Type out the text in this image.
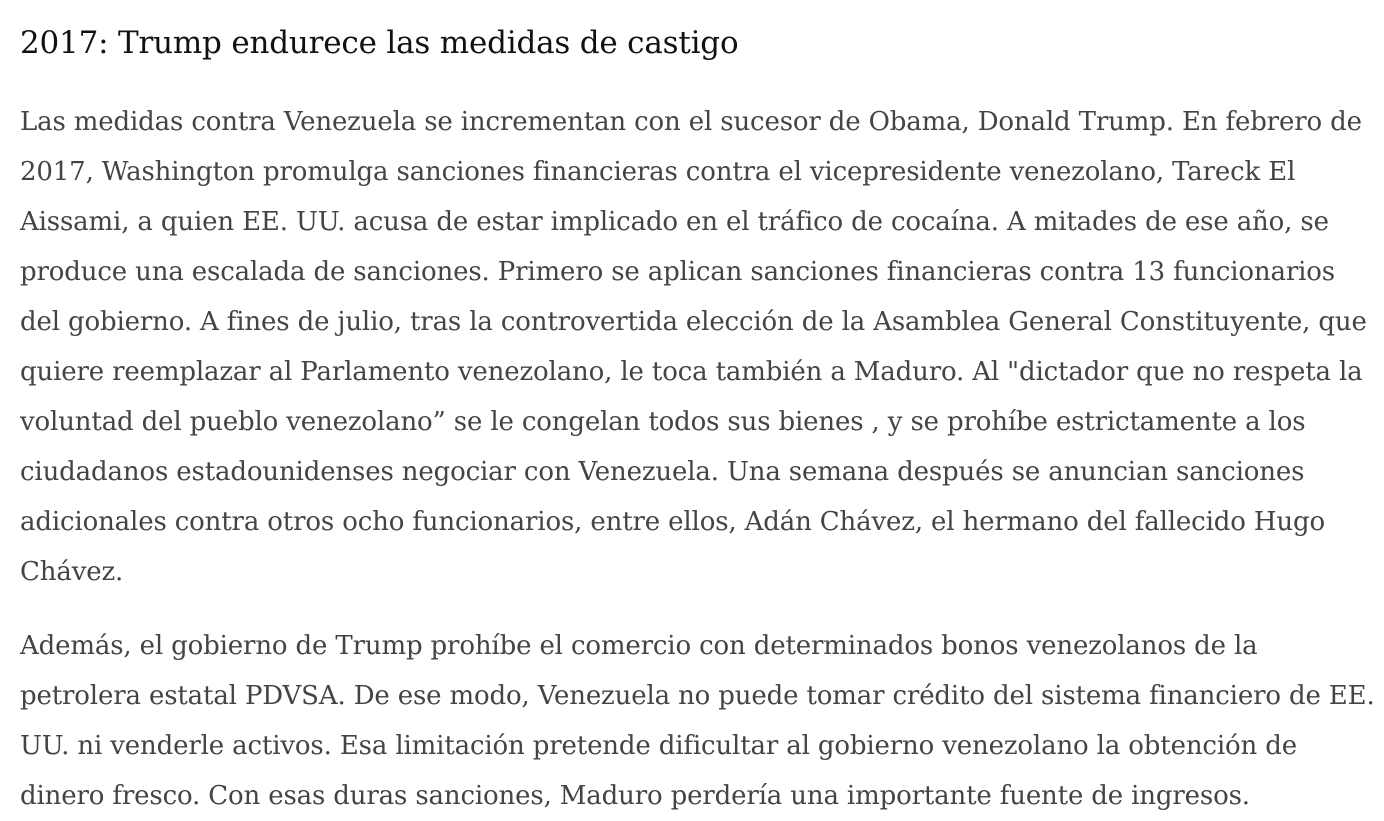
2017: Trump endurece las medidas de castigo

Las medidas contra Venezuela se incrementan con el sucesor de Obama, Donald Trump. En febrero de 2017, Washington promulga sanciones financieras contra el vicepresidente venezolano, Tareck El Aissami, a quien EE. UU. acusa de estar implicado en el tráfico de cocaína. A mitades de ese año, se produce una escalada de sanciones. Primero se aplican sanciones financieras contra 13 funcionarios del gobierno. A fines de julio, tras la controvertida elección de la Asamblea General Constituyente, que quiere reemplazar al Parlamento venezolano, le toca también a Maduro. Al "dictador que no respeta la voluntad del pueblo venezolano” se le congelan todos sus bienes , y se prohíbe estrictamente a los ciudadanos estadounidenses negociar con Venezuela. Una semana después se anuncian sanciones adicionales contra otros ocho funcionarios, entre ellos, Adán Chávez, el hermano del fallecido Hugo Chávez.

Además, el gobierno de Trump prohíbe el comercio con determinados bonos venezolanos de la petrolera estatal PDVSA. De ese modo, Venezuela no puede tomar crédito del sistema financiero de EE. UU. ni venderle activos. Esa limitación pretende dificultar al gobierno venezolano la obtención de dinero fresco. Con esas duras sanciones, Maduro perdería una importante fuente de ingresos.
